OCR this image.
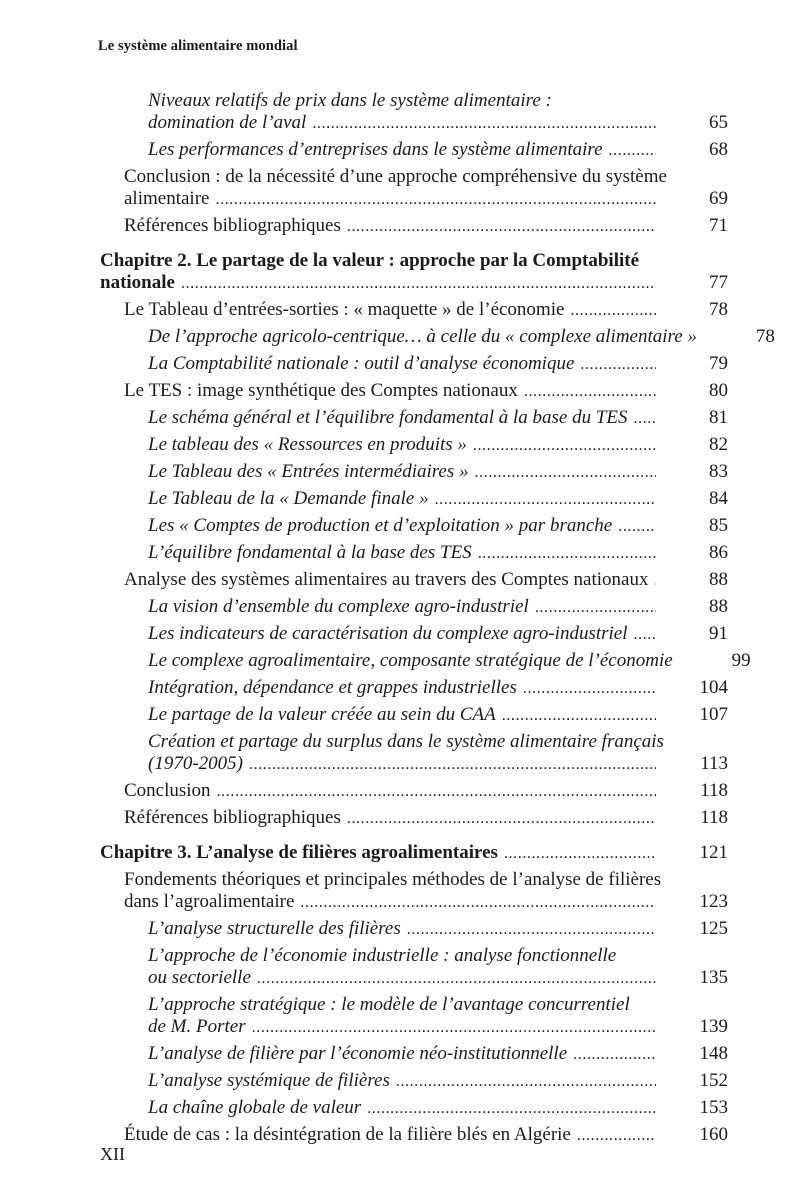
Le système alimentaire mondial
Niveaux relatifs de prix dans le système alimentaire :
domination de l’aval .....	65
Les performances d’entreprises dans le système alimentaire .....	68
Conclusion : de la nécessité d’une approche compréhensive du système
alimentaire .....	69
Références bibliographiques .....	71
Chapitre 2. Le partage de la valeur : approche par la Comptabilité
nationale .....	77
Le Tableau d’entrées-sorties : « maquette » de l’économie .....	78
De l’approche agricolo-centrique… à celle du « complexe alimentaire » .....	78
La Comptabilité nationale : outil d’analyse économique .....	79
Le TES : image synthétique des Comptes nationaux .....	80
Le schéma général et l’équilibre fondamental à la base du TES .....	81
Le tableau des « Ressources en produits » .....	82
Le Tableau des « Entrées intermédiaires » .....	83
Le Tableau de la « Demande finale » .....	84
Les « Comptes de production et d’exploitation » par branche .....	85
L’équilibre fondamental à la base des TES .....	86
Analyse des systèmes alimentaires au travers des Comptes nationaux .....	88
La vision d’ensemble du complexe agro-industriel .....	88
Les indicateurs de caractérisation du complexe agro-industriel .....	91
Le complexe agroalimentaire, composante stratégique de l’économie .....	99
Intégration, dépendance et grappes industrielles .....	104
Le partage de la valeur créée au sein du CAA .....	107
Création et partage du surplus dans le système alimentaire français
(1970-2005) .....	113
Conclusion .....	118
Références bibliographiques .....	118
Chapitre 3. L’analyse de filières agroalimentaires .....	121
Fondements théoriques et principales méthodes de l’analyse de filières
dans l’agroalimentaire .....	123
L’analyse structurelle des filières .....	125
L’approche de l’économie industrielle : analyse fonctionnelle
ou sectorielle .....	135
L’approche stratégique : le modèle de l’avantage concurrentiel
de M. Porter .....	139
L’analyse de filière par l’économie néo-institutionnelle .....	148
L’analyse systémique de filières .....	152
La chaîne globale de valeur .....	153
Étude de cas : la désintégration de la filière blés en Algérie .....	160
XII
